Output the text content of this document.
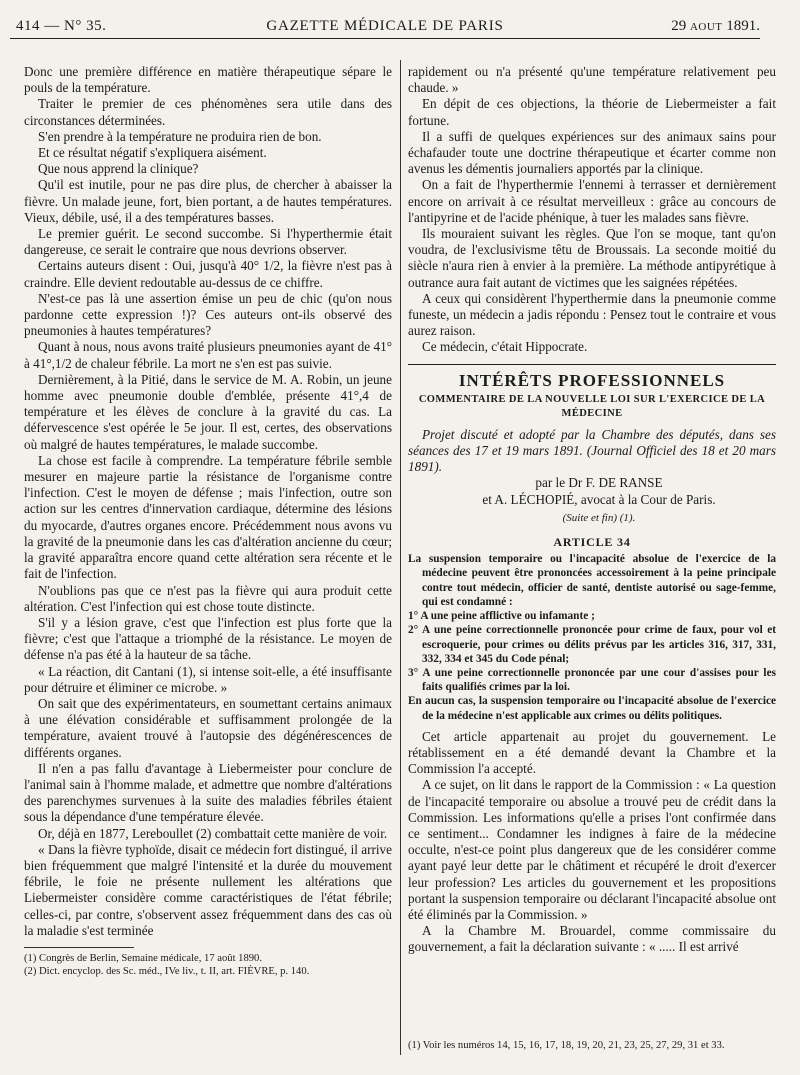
414 — N° 35.	GAZETTE MÉDICALE DE PARIS	29 AOUT 1891.

Donc une première différence en matière thérapeutique sépare le pouls de la température.

Traiter le premier de ces phénomènes sera utile dans des circonstances déterminées.

S'en prendre à la température ne produira rien de bon.

Et ce résultat négatif s'expliquera aisément.

Que nous apprend la clinique?

Qu'il est inutile, pour ne pas dire plus, de chercher à abaisser la fièvre. Un malade jeune, fort, bien portant, a de hautes températures. Vieux, débile, usé, il a des températures basses.

Le premier guérit. Le second succombe. Si l'hyperthermie était dangereuse, ce serait le contraire que nous devrions observer.

Certains auteurs disent : Oui, jusqu'à 40° 1/2, la fièvre n'est pas à craindre. Elle devient redoutable au-dessus de ce chiffre.

N'est-ce pas là une assertion émise un peu de chic (qu'on nous pardonne cette expression !)? Ces auteurs ont-ils observé des pneumonies à hautes températures?

Quant à nous, nous avons traité plusieurs pneumonies ayant de 41° à 41°,1/2 de chaleur fébrile. La mort ne s'en est pas suivie.

Dernièrement, à la Pitié, dans le service de M. A. Robin, un jeune homme avec pneumonie double d'emblée, présente 41°,4 de température et les élèves de conclure à la gravité du cas. La défervescence s'est opérée le 5e jour. Il est, certes, des observations où malgré de hautes températures, le malade succombe.

La chose est facile à comprendre. La température fébrile semble mesurer en majeure partie la résistance de l'organisme contre l'infection. C'est le moyen de défense ; mais l'infection, outre son action sur les centres d'innervation cardiaque, détermine des lésions du myocarde, d'autres organes encore. Précédemment nous avons vu la gravité de la pneumonie dans les cas d'altération ancienne du cœur; la gravité apparaîtra encore quand cette altération sera récente et le fait de l'infection.

N'oublions pas que ce n'est pas la fièvre qui aura produit cette altération. C'est l'infection qui est chose toute distincte.

S'il y a lésion grave, c'est que l'infection est plus forte que la fièvre; c'est que l'attaque a triomphé de la résistance. Le moyen de défense n'a pas été à la hauteur de sa tâche.

« La réaction, dit Cantani (1), si intense soit-elle, a été insuffisante pour détruire et éliminer ce microbe. »

On sait que des expérimentateurs, en soumettant certains animaux à une élévation considérable et suffisamment prolongée de la température, avaient trouvé à l'autopsie des dégénérescences de différents organes.

Il n'en a pas fallu d'avantage à Liebermeister pour conclure de l'animal sain à l'homme malade, et admettre que nombre d'altérations des parenchymes survenues à la suite des maladies fébriles étaient sous la dépendance d'une température élevée.

Or, déjà en 1877, Lereboullet (2) combattait cette manière de voir.

« Dans la fièvre typhoïde, disait ce médecin fort distingué, il arrive bien fréquemment que malgré l'intensité et la durée du mouvement fébrile, le foie ne présente nullement les altérations que Liebermeister considère comme caractéristiques de l'état fébrile; celles-ci, par contre, s'observent assez fréquemment dans des cas où la maladie s'est terminée

(1) Congrès de Berlin, Semaine médicale, 17 août 1890.
(2) Dict. encyclop. des Sc. méd., IVe liv., t. II, art. FIÈVRE, p. 140.

rapidement ou n'a présenté qu'une température relativement peu chaude. »

En dépit de ces objections, la théorie de Liebermeister a fait fortune.

Il a suffi de quelques expériences sur des animaux sains pour échafauder toute une doctrine thérapeutique et écarter comme non avenus les démentis journaliers apportés par la clinique.

On a fait de l'hyperthermie l'ennemi à terrasser et dernièrement encore on arrivait à ce résultat merveilleux : grâce au concours de l'antipyrine et de l'acide phénique, à tuer les malades sans fièvre.

Ils mouraient suivant les règles. Que l'on se moque, tant qu'on voudra, de l'exclusivisme têtu de Broussais. La seconde moitié du siècle n'aura rien à envier à la première. La méthode antipyrétique à outrance aura fait autant de victimes que les saignées répétées.

A ceux qui considèrent l'hyperthermie dans la pneumonie comme funeste, un médecin a jadis répondu : Pensez tout le contraire et vous aurez raison.

Ce médecin, c'était Hippocrate.

INTÉRÊTS PROFESSIONNELS
COMMENTAIRE DE LA NOUVELLE LOI SUR L'EXERCICE DE LA MÉDECINE

Projet discuté et adopté par la Chambre des députés, dans ses séances des 17 et 19 mars 1891. (Journal Officiel des 18 et 20 mars 1891).

par le Dr F. DE RANSE

et A. LÉCHOPIÉ, avocat à la Cour de Paris.

(Suite et fin) (1).

ARTICLE 34
La suspension temporaire ou l'incapacité absolue de l'exercice de la médecine peuvent être prononcées accessoirement à la peine principale contre tout médecin, officier de santé, dentiste autorisé ou sage-femme, qui est condamné :
1° A une peine afflictive ou infamante ;
2° A une peine correctionnelle prononcée pour crime de faux, pour vol et escroquerie, pour crimes ou délits prévus par les articles 316, 317, 331, 332, 334 et 345 du Code pénal;
3° A une peine correctionnelle prononcée par une cour d'assises pour les faits qualifiés crimes par la loi.
En aucun cas, la suspension temporaire ou l'incapacité absolue de l'exercice de la médecine n'est applicable aux crimes ou délits politiques.

Cet article appartenait au projet du gouvernement. Le rétablissement en a été demandé devant la Chambre et la Commission l'a accepté.

A ce sujet, on lit dans le rapport de la Commission : « La question de l'incapacité temporaire ou absolue a trouvé peu de crédit dans la Commission. Les informations qu'elle a prises l'ont confirmée dans ce sentiment... Condamner les indignes à faire de la médecine occulte, n'est-ce point plus dangereux que de les considérer comme ayant payé leur dette par le châtiment et récupéré le droit d'exercer leur profession? Les articles du gouvernement et les propositions portant la suspension temporaire ou déclarant l'incapacité absolue ont été éliminés par la Commission. »

A la Chambre M. Brouardel, comme commissaire du gouvernement, a fait la déclaration suivante : « ..... Il est arrivé

(1) Voir les numéros 14, 15, 16, 17, 18, 19, 20, 21, 23, 25, 27, 29, 31 et 33.
